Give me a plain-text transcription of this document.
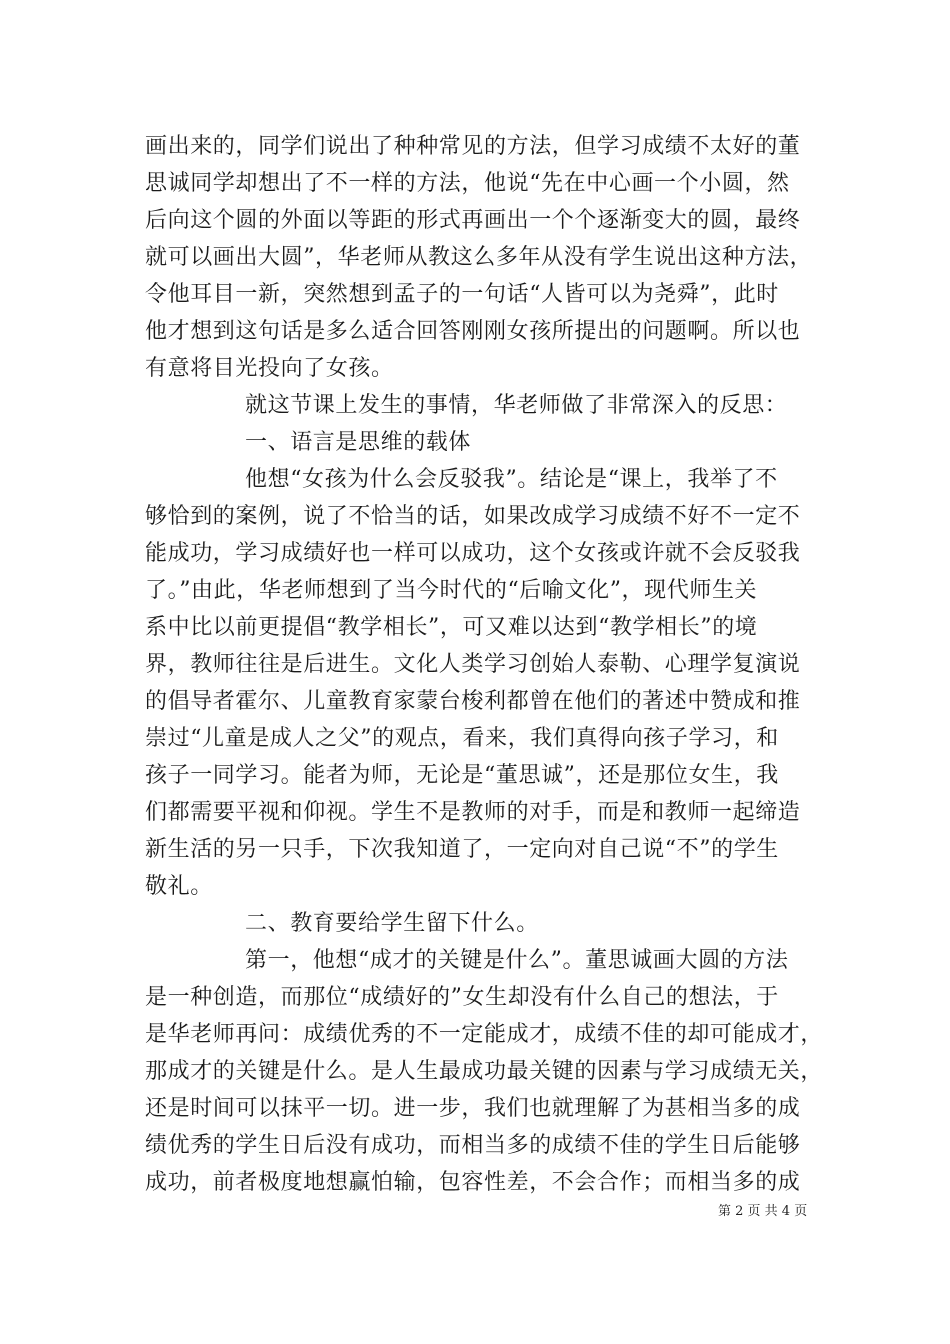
画出来的，同学们说出了种种常见的方法，但学习成绩不太好的董
思诚同学却想出了不一样的方法，他说“先在中心画一个小圆，然
后向这个圆的外面以等距的形式再画出一个个逐渐变大的圆，最终
就可以画出大圆”，华老师从教这么多年从没有学生说出这种方法，
令他耳目一新，突然想到孟子的一句话“人皆可以为尧舜”，此时
他才想到这句话是多么适合回答刚刚女孩所提出的问题啊。所以也
有意将目光投向了女孩。
就这节课上发生的事情，华老师做了非常深入的反思：
一、语言是思维的载体
他想“女孩为什么会反驳我”。结论是“课上，我举了不
够恰到的案例，说了不恰当的话，如果改成学习成绩不好不一定不
能成功，学习成绩好也一样可以成功，这个女孩或许就不会反驳我
了。”由此，华老师想到了当今时代的“后喻文化”，现代师生关
系中比以前更提倡“教学相长”，可又难以达到“教学相长”的境
界，教师往往是后进生。文化人类学习创始人泰勒、心理学复演说
的倡导者霍尔、儿童教育家蒙台梭利都曾在他们的著述中赞成和推
崇过“儿童是成人之父”的观点，看来，我们真得向孩子学习，和
孩子一同学习。能者为师，无论是“董思诚”，还是那位女生，我
们都需要平视和仰视。学生不是教师的对手，而是和教师一起缔造
新生活的另一只手，下次我知道了，一定向对自己说“不”的学生
敬礼。
二、教育要给学生留下什么。
第一，他想“成才的关键是什么”。董思诚画大圆的方法
是一种创造，而那位“成绩好的”女生却没有什么自己的想法，于
是华老师再问：成绩优秀的不一定能成才，成绩不佳的却可能成才，
那成才的关键是什么。是人生最成功最关键的因素与学习成绩无关，
还是时间可以抹平一切。进一步，我们也就理解了为甚相当多的成
绩优秀的学生日后没有成功，而相当多的成绩不佳的学生日后能够
成功，前者极度地想赢怕输，包容性差，不会合作；而相当多的成
第 2 页 共 4 页
